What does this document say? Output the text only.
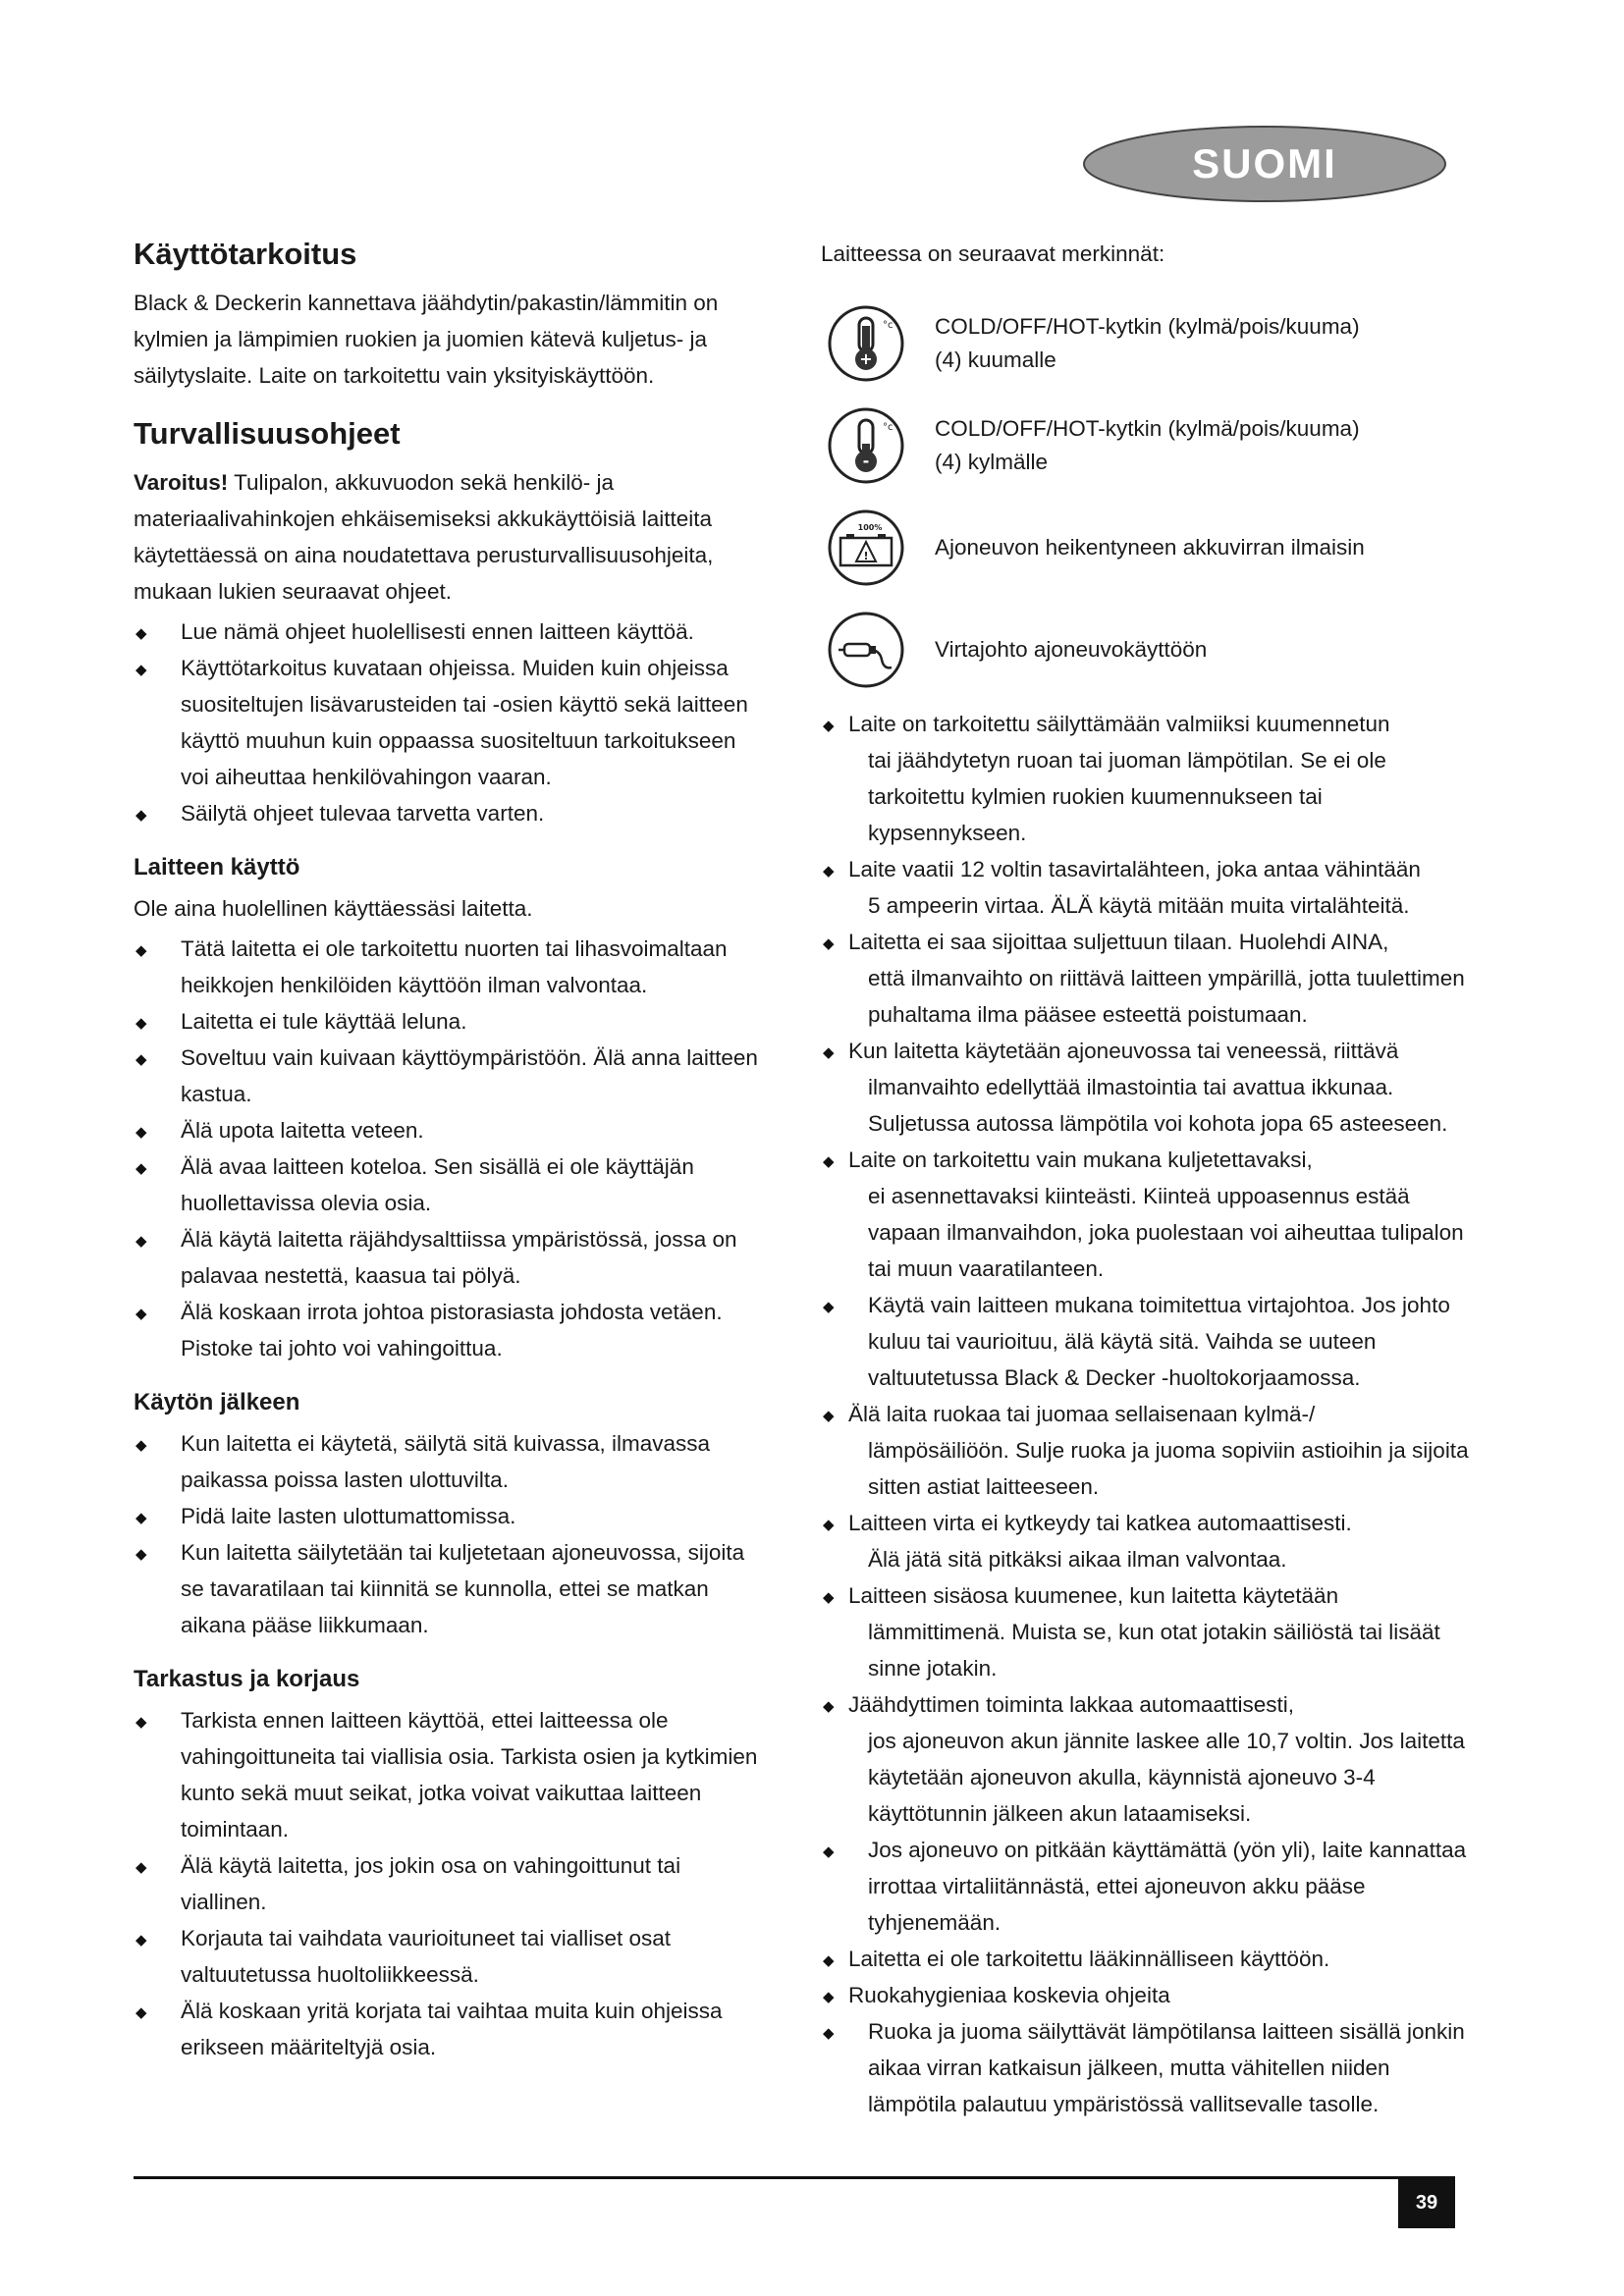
SUOMI
Käyttötarkoitus

Black & Deckerin kannettava jäähdytin/pakastin/lämmitin on kylmien ja lämpimien ruokien ja juomien kätevä kuljetus- ja säilytyslaite. Laite on tarkoitettu vain yksityiskäyttöön.

Turvallisuusohjeet

Varoitus! Tulipalon, akkuvuodon sekä henkilö- ja materiaalivahinkojen ehkäisemiseksi akkukäyttöisiä laitteita käytettäessä on aina noudatettava perusturvallisuusohjeita, mukaan lukien seuraavat ohjeet.

◆ Lue nämä ohjeet huolellisesti ennen laitteen käyttöä.
◆ Käyttötarkoitus kuvataan ohjeissa. Muiden kuin ohjeissa suositeltujen lisävarusteiden tai -osien käyttö sekä laitteen käyttö muuhun kuin oppaassa suositeltuun tarkoitukseen voi aiheuttaa henkilövahingon vaaran.
◆ Säilytä ohjeet tulevaa tarvetta varten.
Laitteen käyttö

Ole aina huolellinen käyttäessäsi laitetta.

◆ Tätä laitetta ei ole tarkoitettu nuorten tai lihasvoimaltaan heikkojen henkilöiden käyttöön ilman valvontaa.
◆ Laitetta ei tule käyttää leluna.
◆ Soveltuu vain kuivaan käyttöympäristöön. Älä anna laitteen kastua.
◆ Älä upota laitetta veteen.
◆ Älä avaa laitteen koteloa. Sen sisällä ei ole käyttäjän huollettavissa olevia osia.
◆ Älä käytä laitetta räjähdysalttiissa ympäristössä, jossa on palavaa nestettä, kaasua tai pölyä.
◆ Älä koskaan irrota johtoa pistorasiasta johdosta vetäen. Pistoke tai johto voi vahingoittua.
Käytön jälkeen
◆ Kun laitetta ei käytetä, säilytä sitä kuivassa, ilmavassa paikassa poissa lasten ulottuvilta.
◆ Pidä laite lasten ulottumattomissa.
◆ Kun laitetta säilytetään tai kuljetetaan ajoneuvossa, sijoita se tavaratilaan tai kiinnitä se kunnolla, ettei se matkan aikana pääse liikkumaan.
Tarkastus ja korjaus
◆ Tarkista ennen laitteen käyttöä, ettei laitteessa ole vahingoittuneita tai viallisia osia. Tarkista osien ja kytkimien kunto sekä muut seikat, jotka voivat vaikuttaa laitteen toimintaan.
◆ Älä käytä laitetta, jos jokin osa on vahingoittunut tai viallinen.
◆ Korjauta tai vaihdata vaurioituneet tai vialliset osat valtuutetussa huoltoliikkeessä.
◆ Älä koskaan yritä korjata tai vaihtaa muita kuin ohjeissa erikseen määriteltyjä osia.

Laitteessa on seuraavat merkinnät:

+
°c COLD/OFF/HOT-kytkin (kylmä/pois/kuuma)
(4) kuumalle
-
°c COLD/OFF/HOT-kytkin (kylmä/pois/kuuma)
(4) kylmälle
!
100%
Ajoneuvon heikentyneen akkuvirran ilmaisin
Virtajohto ajoneuvokäyttöön
◆ Laite on tarkoitettu säilyttämään valmiiksi kuumennetun
tai jäähdytetyn ruoan tai juoman lämpötilan. Se ei ole tarkoitettu kylmien ruokien kuumennukseen tai kypsennykseen.
◆ Laite vaatii 12 voltin tasavirtalähteen, joka antaa vähintään
5 ampeerin virtaa. ÄLÄ käytä mitään muita virtalähteitä.
◆ Laitetta ei saa sijoittaa suljettuun tilaan. Huolehdi AINA,
että ilmanvaihto on riittävä laitteen ympärillä, jotta tuulettimen puhaltama ilma pääsee esteettä poistumaan.
◆ Kun laitetta käytetään ajoneuvossa tai veneessä, riittävä
ilmanvaihto edellyttää ilmastointia tai avattua ikkunaa. Suljetussa autossa lämpötila voi kohota jopa 65 asteeseen.
◆ Laite on tarkoitettu vain mukana kuljetettavaksi,
ei asennettavaksi kiinteästi. Kiinteä uppoasennus estää vapaan ilmanvaihdon, joka puolestaan voi aiheuttaa tulipalon tai muun vaaratilanteen.
◆ Käytä vain laitteen mukana toimitettua virtajohtoa. Jos johto kuluu tai vaurioituu, älä käytä sitä. Vaihda se uuteen valtuutetussa Black & Decker -huoltokorjaamossa.
◆ Älä laita ruokaa tai juomaa sellaisenaan kylmä-/
lämpösäiliöön. Sulje ruoka ja juoma sopiviin astioihin ja sijoita sitten astiat laitteeseen.
◆ Laitteen virta ei kytkeydy tai katkea automaattisesti.
Älä jätä sitä pitkäksi aikaa ilman valvontaa.
◆ Laitteen sisäosa kuumenee, kun laitetta käytetään
lämmittimenä. Muista se, kun otat jotakin säiliöstä tai lisäät sinne jotakin.
◆ Jäähdyttimen toiminta lakkaa automaattisesti,
jos ajoneuvon akun jännite laskee alle 10,7 voltin. Jos laitetta käytetään ajoneuvon akulla, käynnistä ajoneuvo 3-4 käyttötunnin jälkeen akun lataamiseksi.
◆ Jos ajoneuvo on pitkään käyttämättä (yön yli), laite kannattaa irrottaa virtaliitännästä, ettei ajoneuvon akku pääse tyhjenemään.
◆ Laitetta ei ole tarkoitettu lääkinnälliseen käyttöön.
◆ Ruokahygieniaa koskevia ohjeita
◆ Ruoka ja juoma säilyttävät lämpötilansa laitteen sisällä jonkin aikaa virran katkaisun jälkeen, mutta vähitellen niiden lämpötila palautuu ympäristössä vallitsevalle tasolle.
39
